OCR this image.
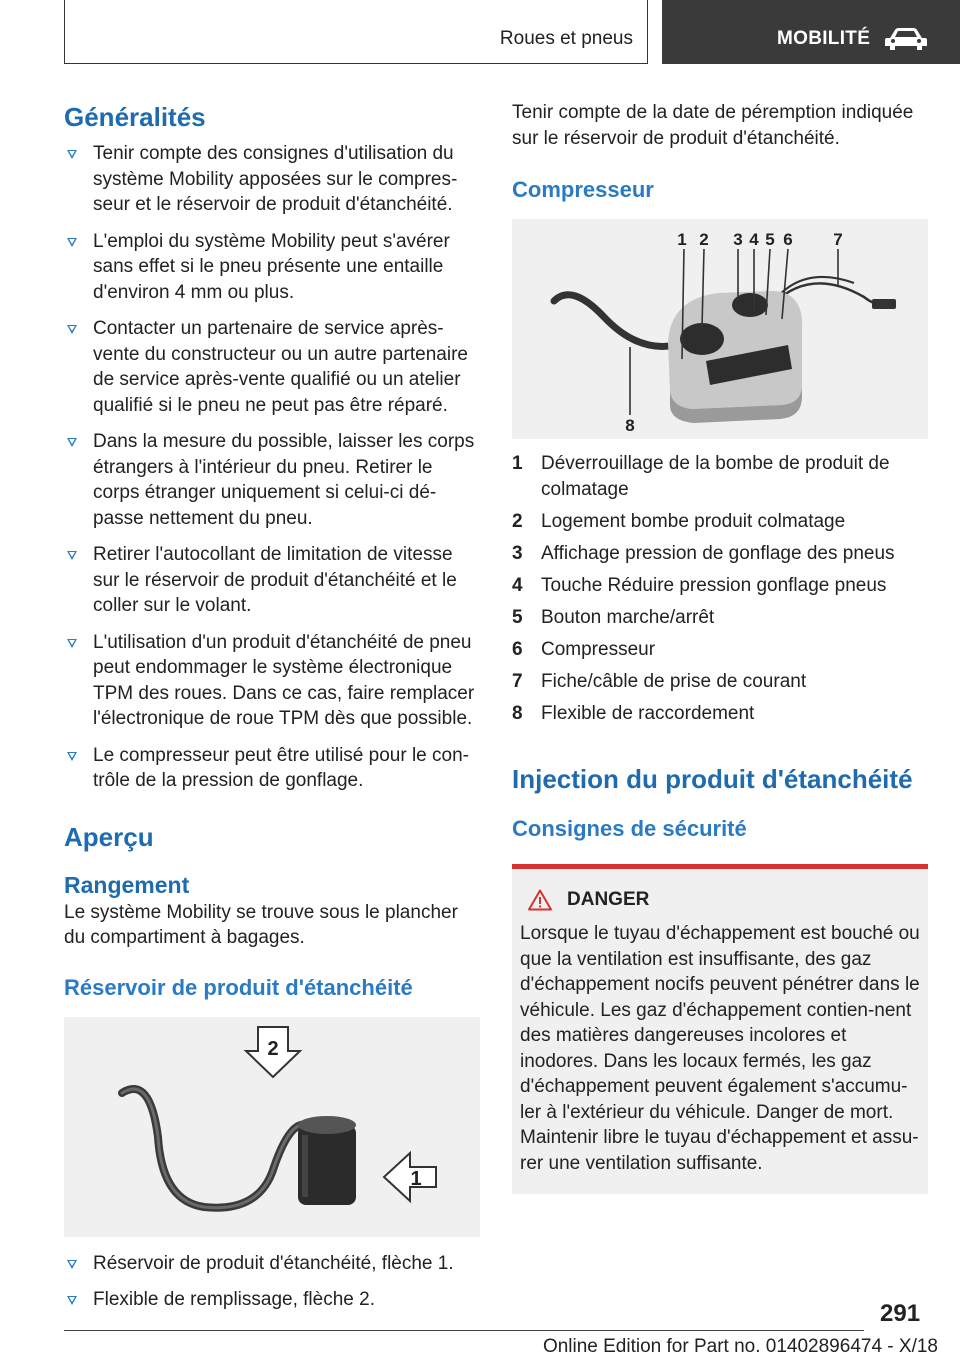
Roues et pneus	MOBILITÉ
Généralités
Tenir compte des consignes d'utilisation du système Mobility apposées sur le compres-seur et le réservoir de produit d'étanchéité.
L'emploi du système Mobility peut s'avérer sans effet si le pneu présente une entaille d'environ 4 mm ou plus.
Contacter un partenaire de service après-vente du constructeur ou un autre partenaire de service après-vente qualifié ou un atelier qualifié si le pneu ne peut pas être réparé.
Dans la mesure du possible, laisser les corps étrangers à l'intérieur du pneu. Retirer le corps étranger uniquement si celui-ci dé-passe nettement du pneu.
Retirer l'autocollant de limitation de vitesse sur le réservoir de produit d'étanchéité et le coller sur le volant.
L'utilisation d'un produit d'étanchéité de pneu peut endommager le système électronique TPM des roues. Dans ce cas, faire remplacer l'électronique de roue TPM dès que possible.
Le compresseur peut être utilisé pour le con-trôle de la pression de gonflage.
Aperçu
Rangement

Le système Mobility se trouve sous le plancher du compartiment à bagages.

Réservoir de produit d'étanchéité
2
1
Réservoir de produit d'étanchéité, flèche 1.
Flexible de remplissage, flèche 2.

Tenir compte de la date de péremption indiquée sur le réservoir de produit d'étanchéité.

Compresseur
1 2 3 4 5 6 7
8
1 Déverrouillage de la bombe de produit de colmatage
2 Logement bombe produit colmatage
3 Affichage pression de gonflage des pneus
4 Touche Réduire pression gonflage pneus
5 Bouton marche/arrêt
6 Compresseur
7 Fiche/câble de prise de courant
8 Flexible de raccordement
Injection du produit d'étanchéité
Consignes de sécurité
DANGER

Lorsque le tuyau d'échappement est bouché ou que la ventilation est insuffisante, des gaz d'échappement nocifs peuvent pénétrer dans le véhicule. Les gaz d'échappement contien-nent des matières dangereuses incolores et inodores. Dans les locaux fermés, les gaz d'échappement peuvent également s'accumu-ler à l'extérieur du véhicule. Danger de mort. Maintenir libre le tuyau d'échappement et assu-rer une ventilation suffisante.

291
Online Edition for Part no. 01402896474 - X/18
